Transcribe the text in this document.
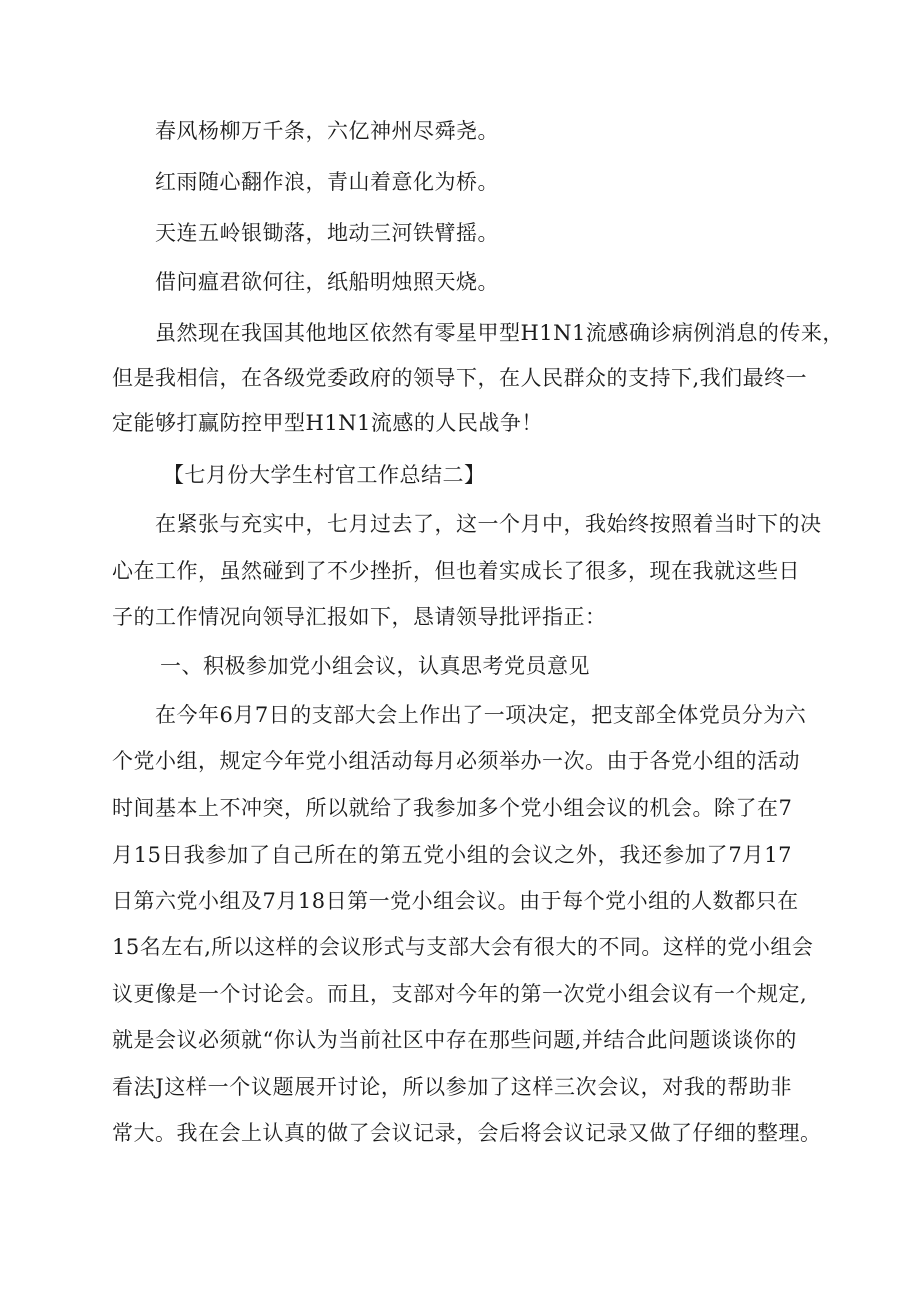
春风杨柳万千条，六亿神州尽舜尧。
红雨随心翻作浪，青山着意化为桥。
天连五岭银锄落，地动三河铁臂摇。
借问瘟君欲何往，纸船明烛照天烧。
虽然现在我国其他地区依然有零星甲型H1N1流感确诊病例消息的传来，
但是我相信，在各级党委政府的领导下，在人民群众的支持下,我们最终一
定能够打赢防控甲型H1N1流感的人民战争！
【七月份大学生村官工作总结二】
在紧张与充实中，七月过去了，这一个月中，我始终按照着当时下的决
心在工作，虽然碰到了不少挫折，但也着实成长了很多，现在我就这些日
子的工作情况向领导汇报如下，恳请领导批评指正：
一、积极参加党小组会议，认真思考党员意见
在今年6月7日的支部大会上作出了一项决定，把支部全体党员分为六
个党小组，规定今年党小组活动每月必须举办一次。由于各党小组的活动
时间基本上不冲突，所以就给了我参加多个党小组会议的机会。除了在7
月15日我参加了自己所在的第五党小组的会议之外，我还参加了7月17
日第六党小组及7月18日第一党小组会议。由于每个党小组的人数都只在
15名左右,所以这样的会议形式与支部大会有很大的不同。这样的党小组会
议更像是一个讨论会。而且，支部对今年的第一次党小组会议有一个规定,
就是会议必须就“你认为当前社区中存在那些问题,并结合此问题谈谈你的
看法J这样一个议题展开讨论，所以参加了这样三次会议，对我的帮助非
常大。我在会上认真的做了会议记录，会后将会议记录又做了仔细的整理。
